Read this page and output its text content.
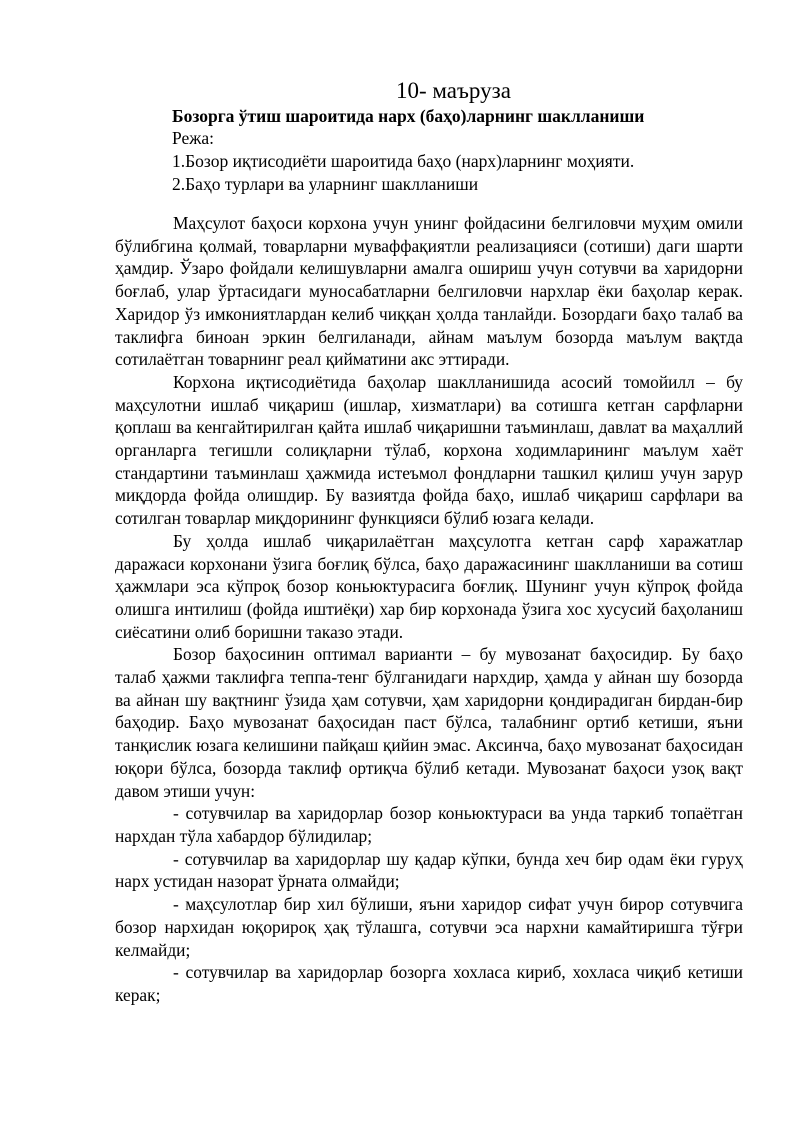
10- маъруза
Бозорга ўтиш шароитида нарх (баҳо)ларнинг шаклланиши
Режа:
1.Бозор иқтисодиёти шароитида баҳо (нарх)ларнинг моҳияти.
2.Баҳо турлари ва уларнинг шаклланиши

Маҳсулот баҳоси корхона учун унинг фойдасини белгиловчи муҳим омили бўлибгина қолмай, товарларни муваффақиятли реализацияси (сотиши) даги шарти ҳамдир. Ўзаро фойдали келишувларни амалга ошириш учун сотувчи ва харидорни боғлаб, улар ўртасидаги муносабатларни белгиловчи нархлар ёки баҳолар керак. Харидор ўз имкониятлардан келиб чиққан ҳолда танлайди. Бозордаги баҳо талаб ва таклифга биноан эркин белгиланади, айнам маълум бозорда маълум вақтда сотилаётган товарнинг реал қийматини акс эттиради.

Корхона иқтисодиётида баҳолар шаклланишида асосий томойилл – бу маҳсулотни ишлаб чиқариш (ишлар, хизматлари) ва сотишга кетган сарфларни қоплаш ва кенгайтирилган қайта ишлаб чиқаришни таъминлаш, давлат ва маҳаллий органларга тегишли солиқларни тўлаб, корхона ходимларининг маълум хаёт стандартини таъминлаш ҳажмида истеъмол фондларни ташкил қилиш учун зарур миқдорда фойда олишдир. Бу вазиятда фойда баҳо, ишлаб чиқариш сарфлари ва сотилган товарлар миқдорининг функцияси бўлиб юзага келади.

Бу ҳолда ишлаб чиқарилаётган маҳсулотга кетган сарф харажатлар даражаси корхонани ўзига боғлиқ бўлса, баҳо даражасининг шаклланиши ва сотиш ҳажмлари эса кўпроқ бозор коньюктурасига боғлиқ. Шунинг учун кўпроқ фойда олишга интилиш (фойда иштиёқи) хар бир корхонада ўзига хос хусусий баҳоланиш сиёсатини олиб боришни таказо этади.

Бозор баҳосинин оптимал варианти – бу мувозанат баҳосидир. Бу баҳо талаб ҳажми таклифга теппа-тенг бўлганидаги нархдир, ҳамда у айнан шу бозорда ва айнан шу вақтнинг ўзида ҳам сотувчи, ҳам харидорни қондирадиган бирдан-бир баҳодир. Баҳо мувозанат баҳосидан паст бўлса, талабнинг ортиб кетиши, яъни танқислик юзага келишини пайқаш қийин эмас. Аксинча, баҳо мувозанат баҳосидан юқори бўлса, бозорда таклиф ортиқча бўлиб кетади. Мувозанат баҳоси узоқ вақт давом этиши учун:

- сотувчилар ва харидорлар бозор коньюктураси ва унда таркиб топаётган нархдан тўла хабардор бўлидилар;

- сотувчилар ва харидорлар шу қадар кўпки, бунда хеч бир одам ёки гуруҳ нарх устидан назорат ўрната олмайди;

- маҳсулотлар бир хил бўлиши, яъни харидор сифат учун бирор сотувчига бозор нархидан юқорироқ ҳақ тўлашга, сотувчи эса нархни камайтиришга тўғри келмайди;

- сотувчилар ва харидорлар бозорга хохласа кириб, хохласа чиқиб кетиши керак;
